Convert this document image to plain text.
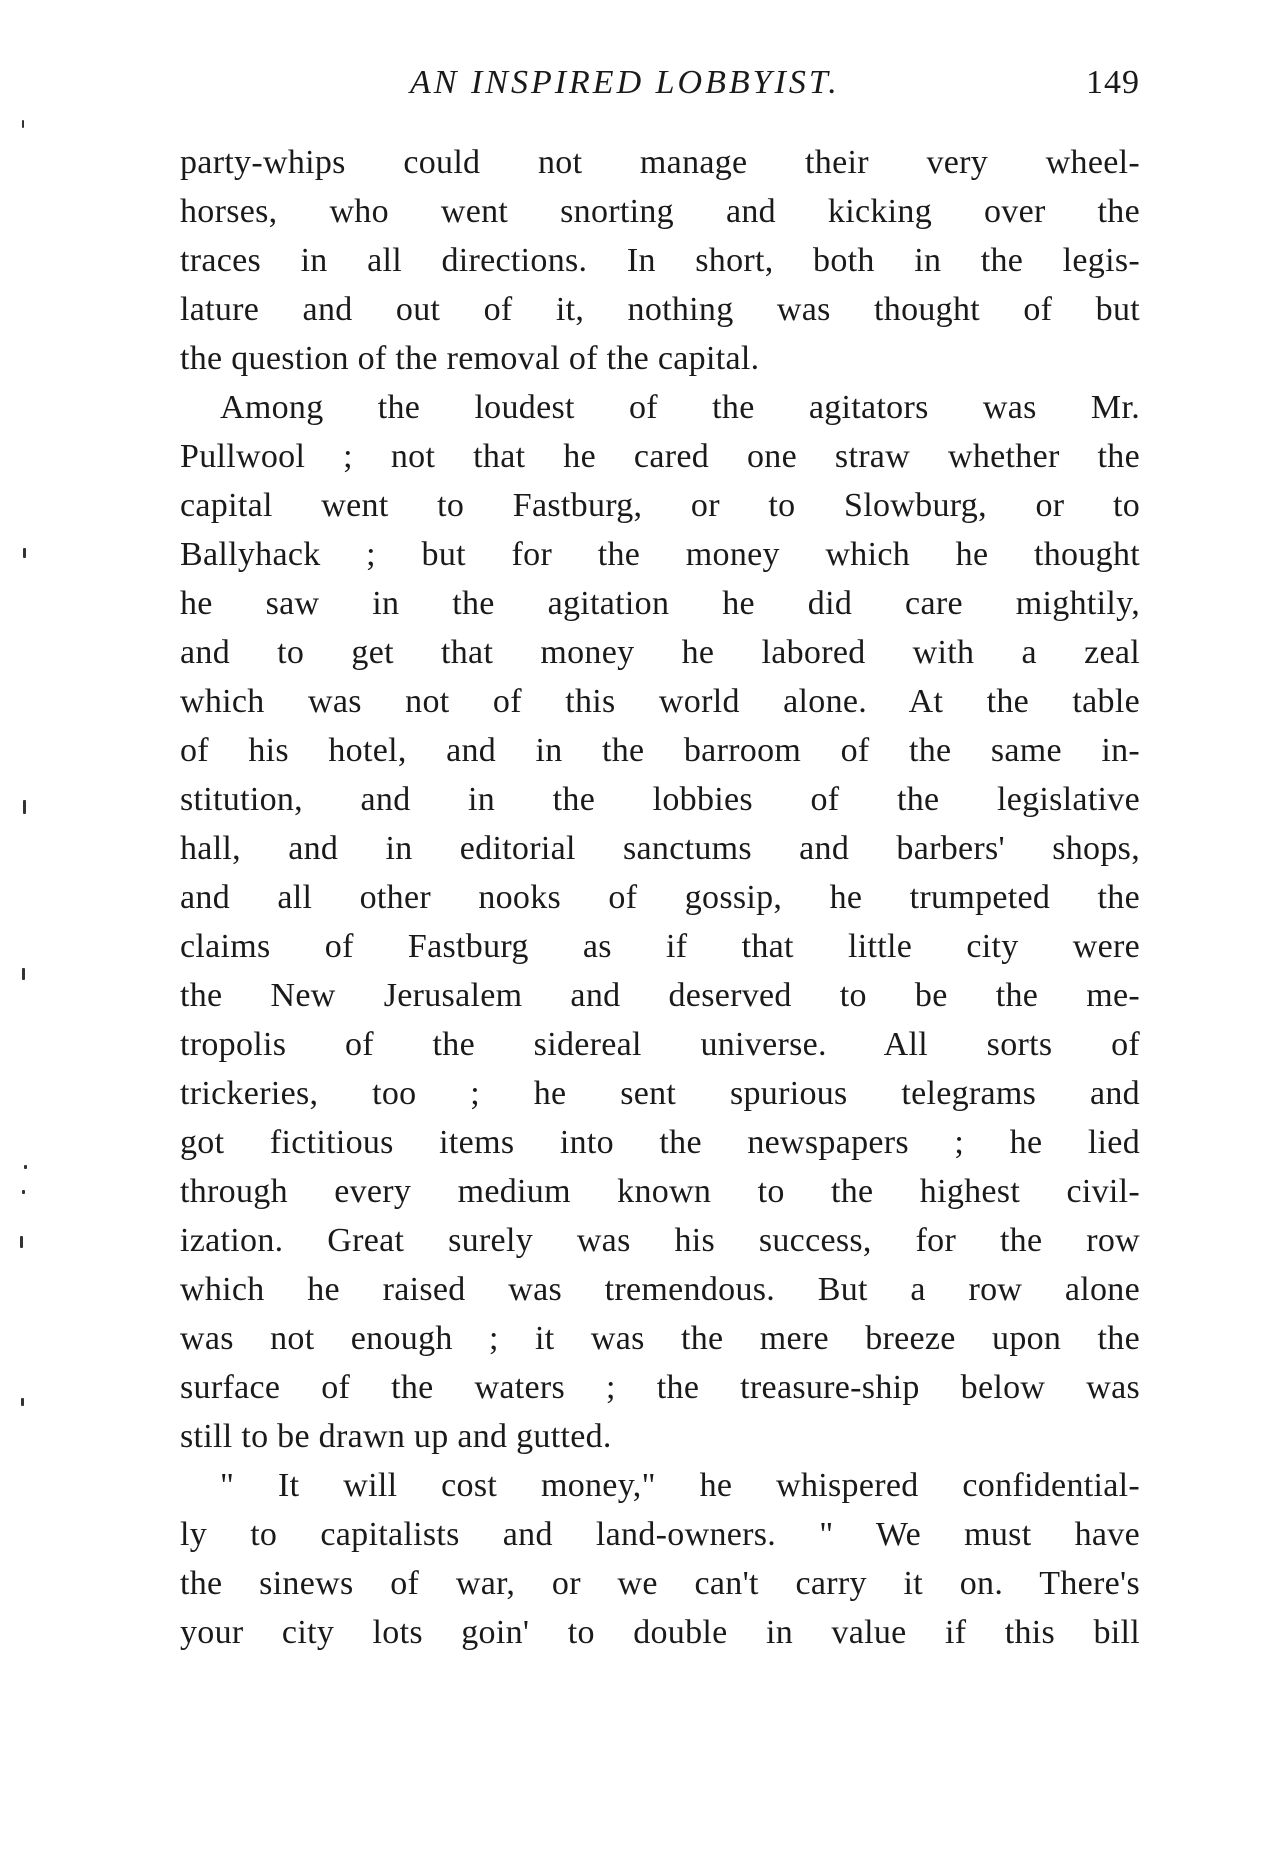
AN INSPIRED LOBBYIST.	149
party-whips could not manage their very wheel-
horses, who went snorting and kicking over the
traces in all directions. In short, both in the legis-
lature and out of it, nothing was thought of but
the question of the removal of the capital.
Among the loudest of the agitators was Mr.
Pullwool ; not that he cared one straw whether the
capital went to Fastburg, or to Slowburg, or to
Ballyhack ; but for the money which he thought
he saw in the agitation he did care mightily,
and to get that money he labored with a zeal
which was not of this world alone. At the table
of his hotel, and in the barroom of the same in-
stitution, and in the lobbies of the legislative
hall, and in editorial sanctums and barbers' shops,
and all other nooks of gossip, he trumpeted the
claims of Fastburg as if that little city were
the New Jerusalem and deserved to be the me-
tropolis of the sidereal universe. All sorts of
trickeries, too ; he sent spurious telegrams and
got fictitious items into the newspapers ; he lied
through every medium known to the highest civil-
ization. Great surely was his success, for the row
which he raised was tremendous. But a row alone
was not enough ; it was the mere breeze upon the
surface of the waters ; the treasure-ship below was
still to be drawn up and gutted.
" It will cost money," he whispered confidential-
ly to capitalists and land-owners. " We must have
the sinews of war, or we can't carry it on. There's
your city lots goin' to double in value if this bill
